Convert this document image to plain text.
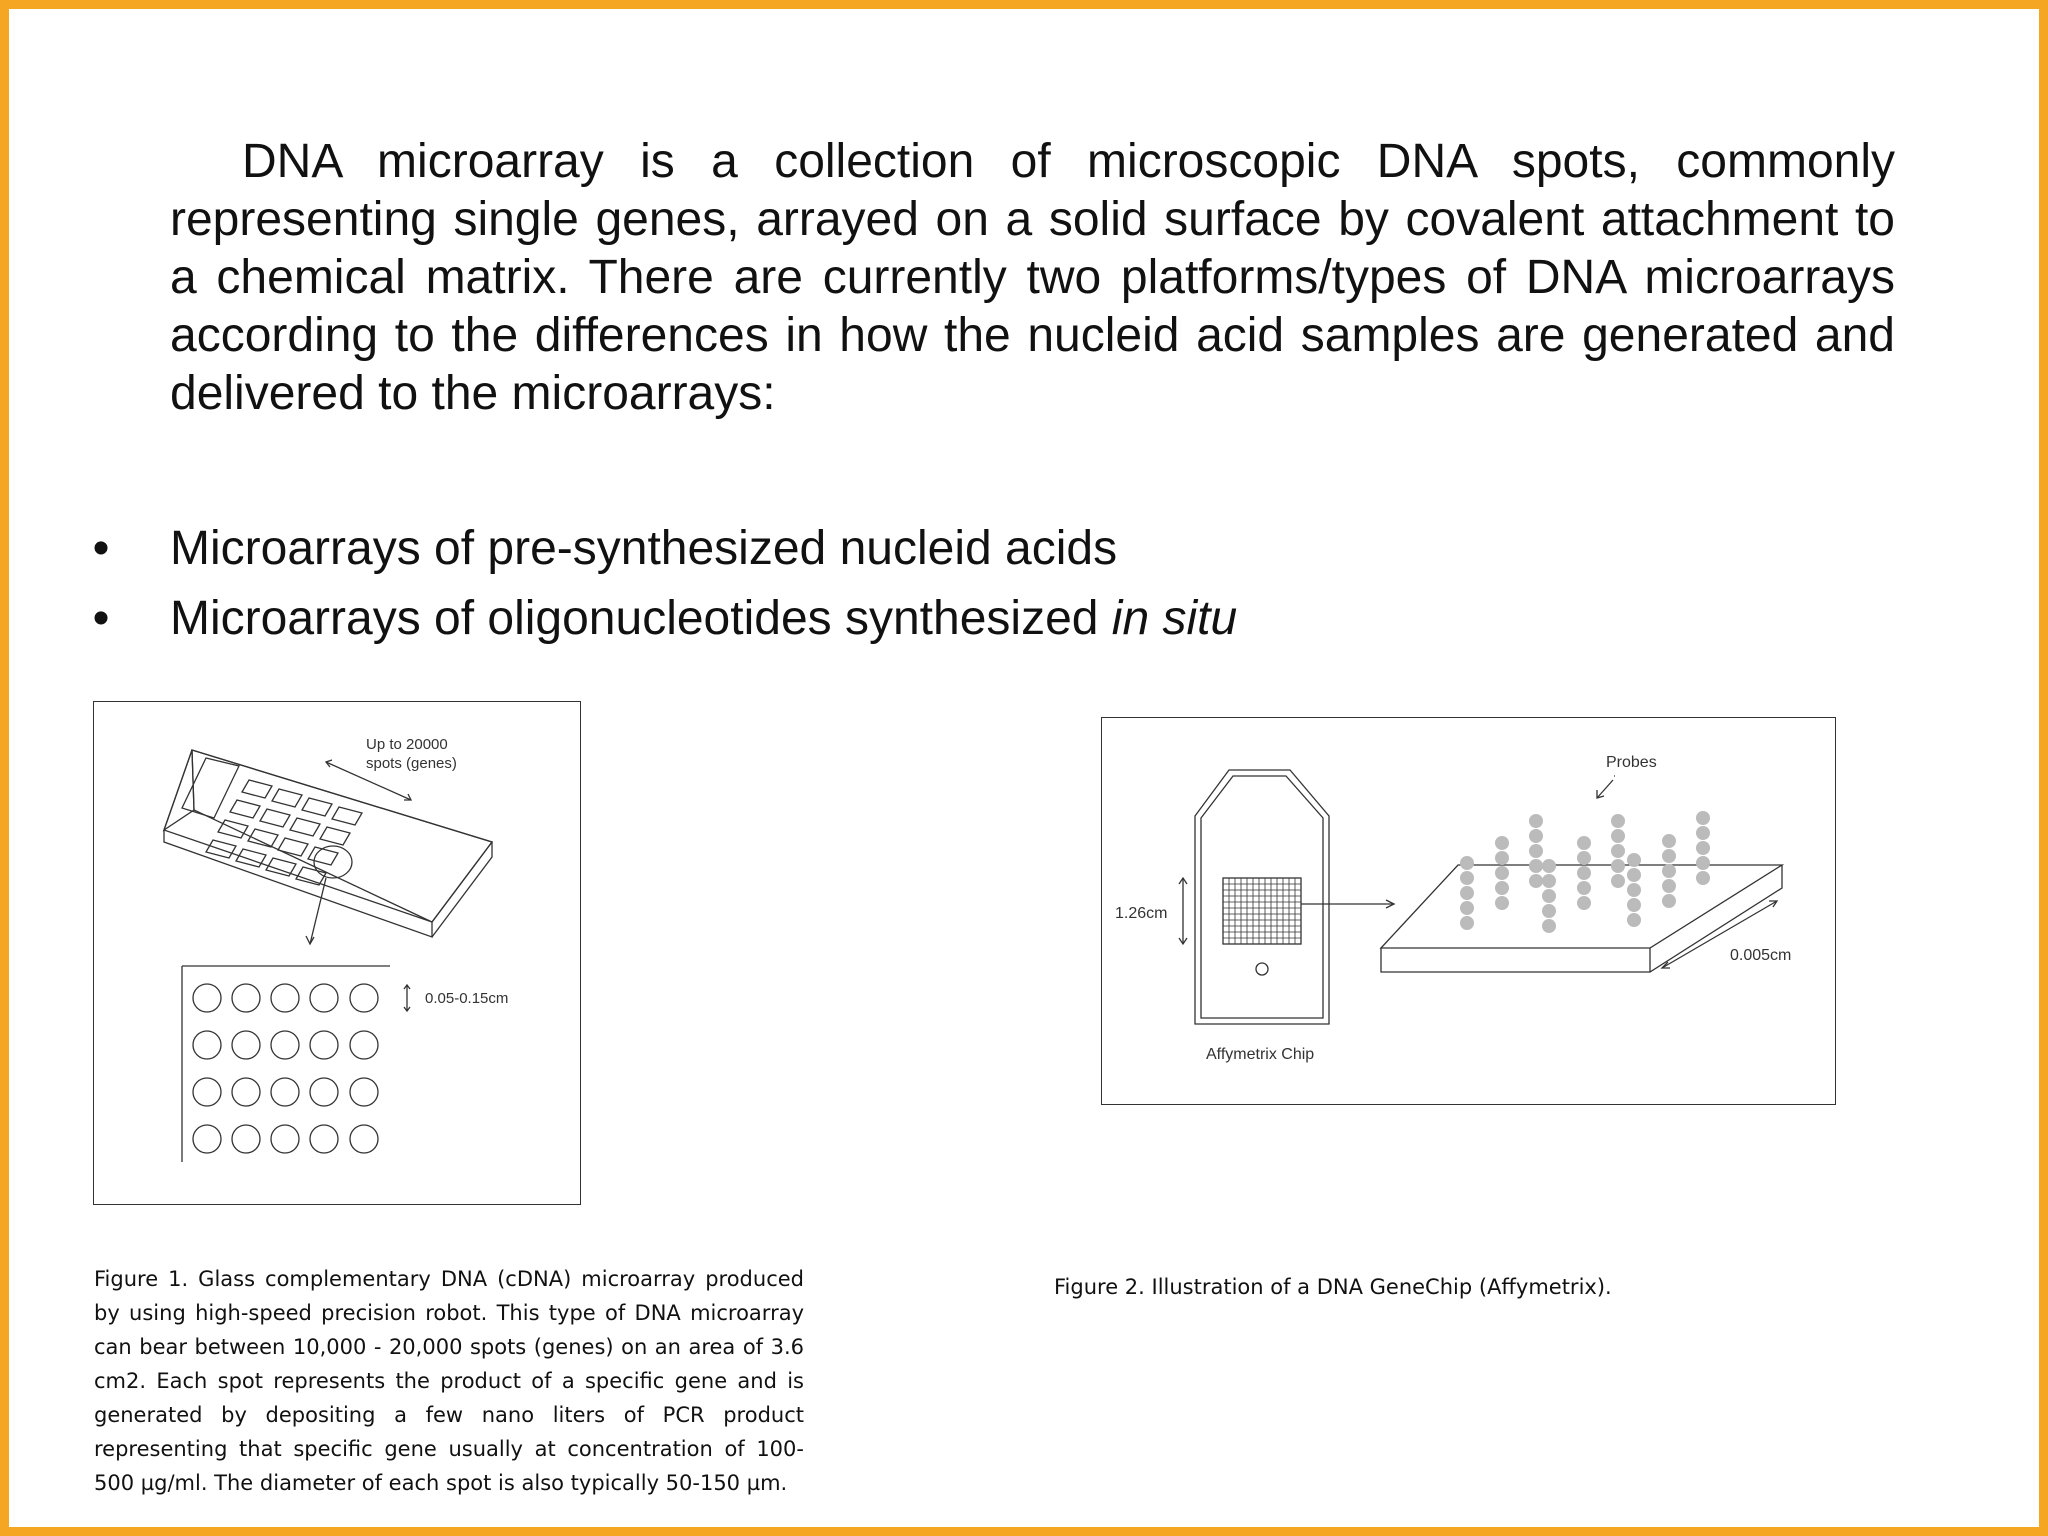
DNA microarray is a collection of microscopic DNA spots, commonly representing single genes, arrayed on a solid surface by covalent attachment to a chemical matrix. There are currently two platforms/types of DNA microarrays according to the differences in how the nucleid acid samples are generated and delivered to the microarrays:

• Microarrays of pre-synthesized nucleid acids
• Microarrays of oligonucleotides synthesized in situ
Up to 20000
spots (genes)
0.05-0.15cm
Probes
1.26cm
0.005cm
Affymetrix Chip

Figure 1. Glass complementary DNA (cDNA) microarray produced by using high-speed precision robot. This type of DNA microarray can bear between 10,000 - 20,000 spots (genes) on an area of 3.6 cm2. Each spot represents the product of a specific gene and is generated by depositing a few nano liters of PCR product representing that specific gene usually at concentration of 100-500 µg/ml. The diameter of each spot is also typically 50-150 µm.

Figure 2. Illustration of a DNA GeneChip (Affymetrix).
